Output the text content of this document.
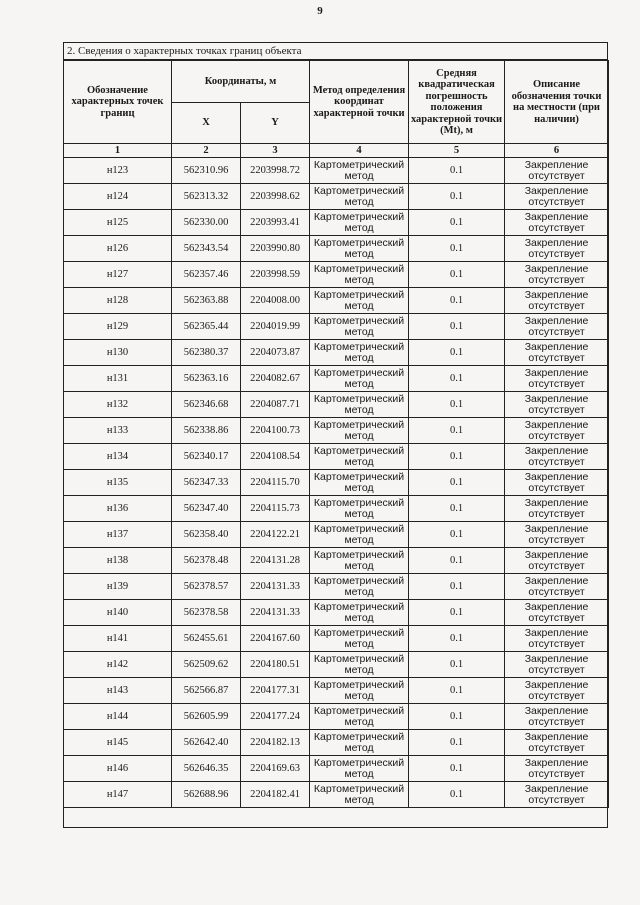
9
2. Сведения о характерных точках границ объекта
Обозначение характерных точек границ	Координаты, м		Метод определения координат характерной точки	Средняя квадратическая погрешность положения характерной точки (Mt), м	Описание обозначения точки на местности (при наличии)
	X	Y			
1	2	3	4	5	6
н123	562310.96	2203998.72	Картометрический метод	0.1	Закрепление отсутствует
н124	562313.32	2203998.62	Картометрический метод	0.1	Закрепление отсутствует
н125	562330.00	2203993.41	Картометрический метод	0.1	Закрепление отсутствует
н126	562343.54	2203990.80	Картометрический метод	0.1	Закрепление отсутствует
н127	562357.46	2203998.59	Картометрический метод	0.1	Закрепление отсутствует
н128	562363.88	2204008.00	Картометрический метод	0.1	Закрепление отсутствует
н129	562365.44	2204019.99	Картометрический метод	0.1	Закрепление отсутствует
н130	562380.37	2204073.87	Картометрический метод	0.1	Закрепление отсутствует
н131	562363.16	2204082.67	Картометрический метод	0.1	Закрепление отсутствует
н132	562346.68	2204087.71	Картометрический метод	0.1	Закрепление отсутствует
н133	562338.86	2204100.73	Картометрический метод	0.1	Закрепление отсутствует
н134	562340.17	2204108.54	Картометрический метод	0.1	Закрепление отсутствует
н135	562347.33	2204115.70	Картометрический метод	0.1	Закрепление отсутствует
н136	562347.40	2204115.73	Картометрический метод	0.1	Закрепление отсутствует
н137	562358.40	2204122.21	Картометрический метод	0.1	Закрепление отсутствует
н138	562378.48	2204131.28	Картометрический метод	0.1	Закрепление отсутствует
н139	562378.57	2204131.33	Картометрический метод	0.1	Закрепление отсутствует
н140	562378.58	2204131.33	Картометрический метод	0.1	Закрепление отсутствует
н141	562455.61	2204167.60	Картометрический метод	0.1	Закрепление отсутствует
н142	562509.62	2204180.51	Картометрический метод	0.1	Закрепление отсутствует
н143	562566.87	2204177.31	Картометрический метод	0.1	Закрепление отсутствует
н144	562605.99	2204177.24	Картометрический метод	0.1	Закрепление отсутствует
н145	562642.40	2204182.13	Картометрический метод	0.1	Закрепление отсутствует
н146	562646.35	2204169.63	Картометрический метод	0.1	Закрепление отсутствует
н147	562688.96	2204182.41	Картометрический метод	0.1	Закрепление отсутствует
